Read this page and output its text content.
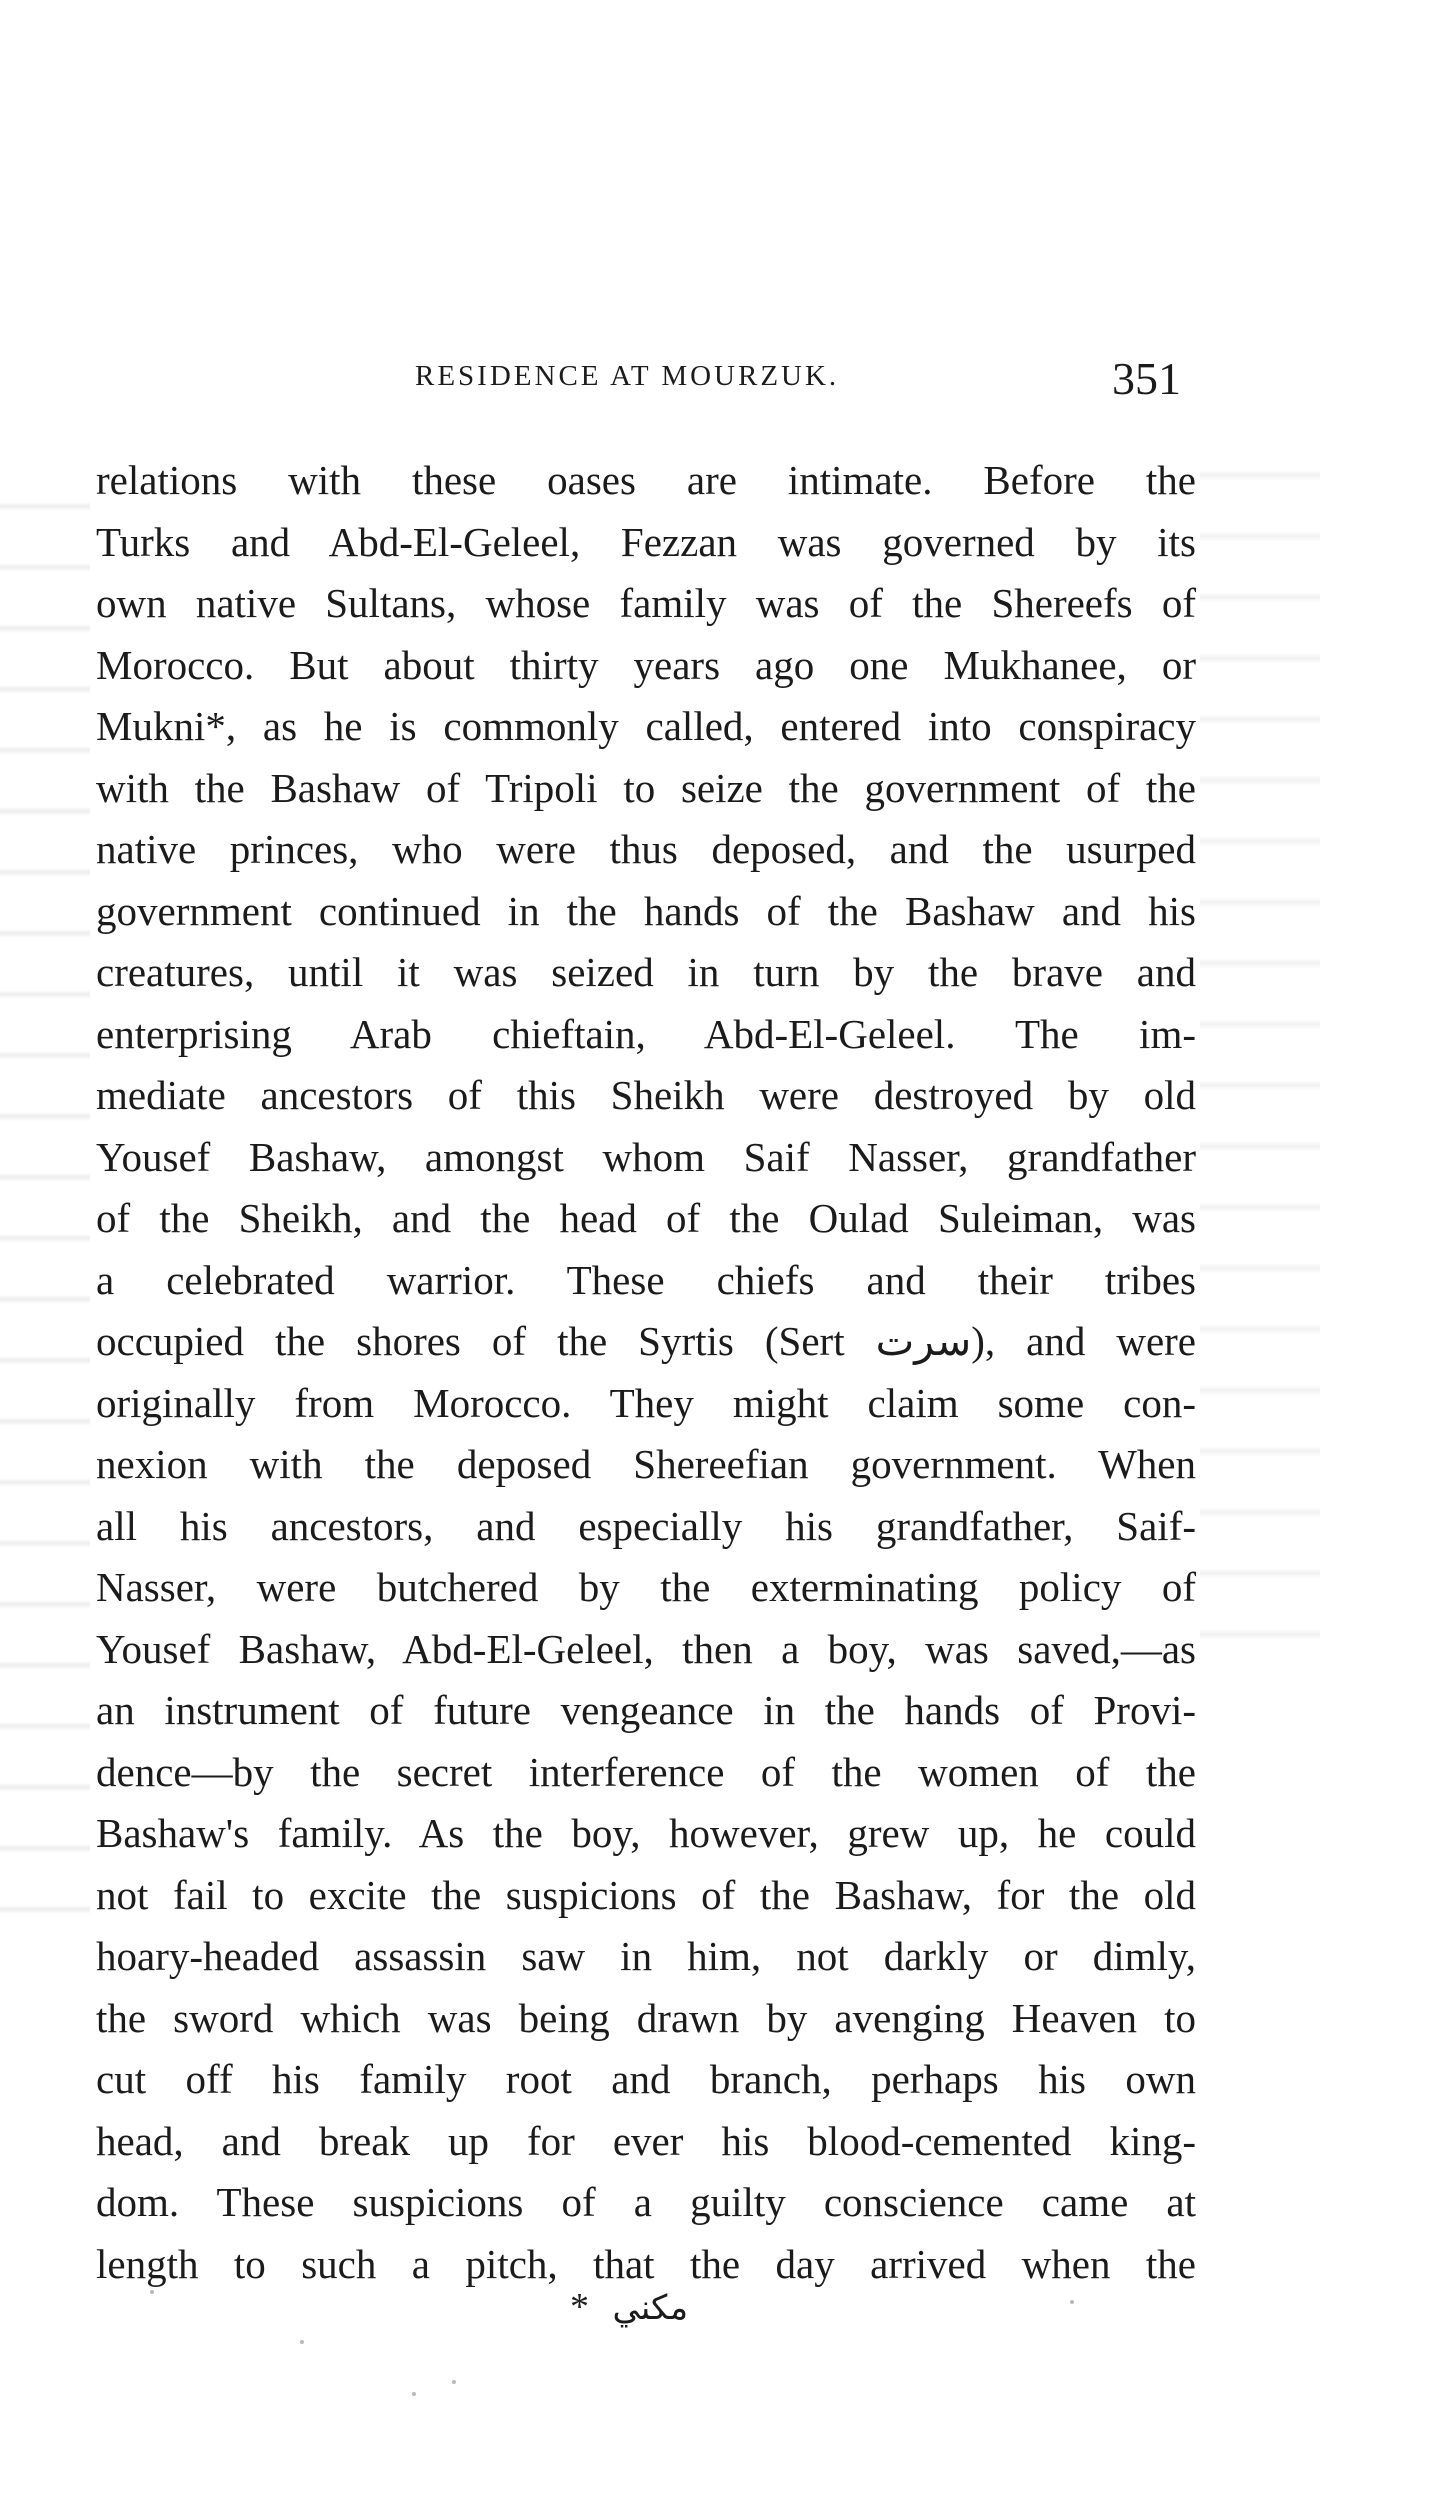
RESIDENCE AT MOURZUK.	351
relations with these oases are intimate. Before the
Turks and Abd-El-Geleel, Fezzan was governed by its
own native Sultans, whose family was of the Shereefs of
Morocco. But about thirty years ago one Mukhanee, or
Mukni*, as he is commonly called, entered into conspiracy
with the Bashaw of Tripoli to seize the government of the
native princes, who were thus deposed, and the usurped
government continued in the hands of the Bashaw and his
creatures, until it was seized in turn by the brave and
enterprising Arab chieftain, Abd-El-Geleel. The im-
mediate ancestors of this Sheikh were destroyed by old
Yousef Bashaw, amongst whom Saif Nasser, grandfather
of the Sheikh, and the head of the Oulad Suleiman, was
a celebrated warrior. These chiefs and their tribes
occupied the shores of the Syrtis (Sert سرت), and were
originally from Morocco. They might claim some con-
nexion with the deposed Shereefian government. When
all his ancestors, and especially his grandfather, Saif-
Nasser, were butchered by the exterminating policy of
Yousef Bashaw, Abd-El-Geleel, then a boy, was saved,—as
an instrument of future vengeance in the hands of Provi-
dence—by the secret interference of the women of the
Bashaw's family. As the boy, however, grew up, he could
not fail to excite the suspicions of the Bashaw, for the old
hoary-headed assassin saw in him, not darkly or dimly,
the sword which was being drawn by avenging Heaven to
cut off his family root and branch, perhaps his own
head, and break up for ever his blood-cemented king-
dom. These suspicions of a guilty conscience came at
length to such a pitch, that the day arrived when the
* مكني
